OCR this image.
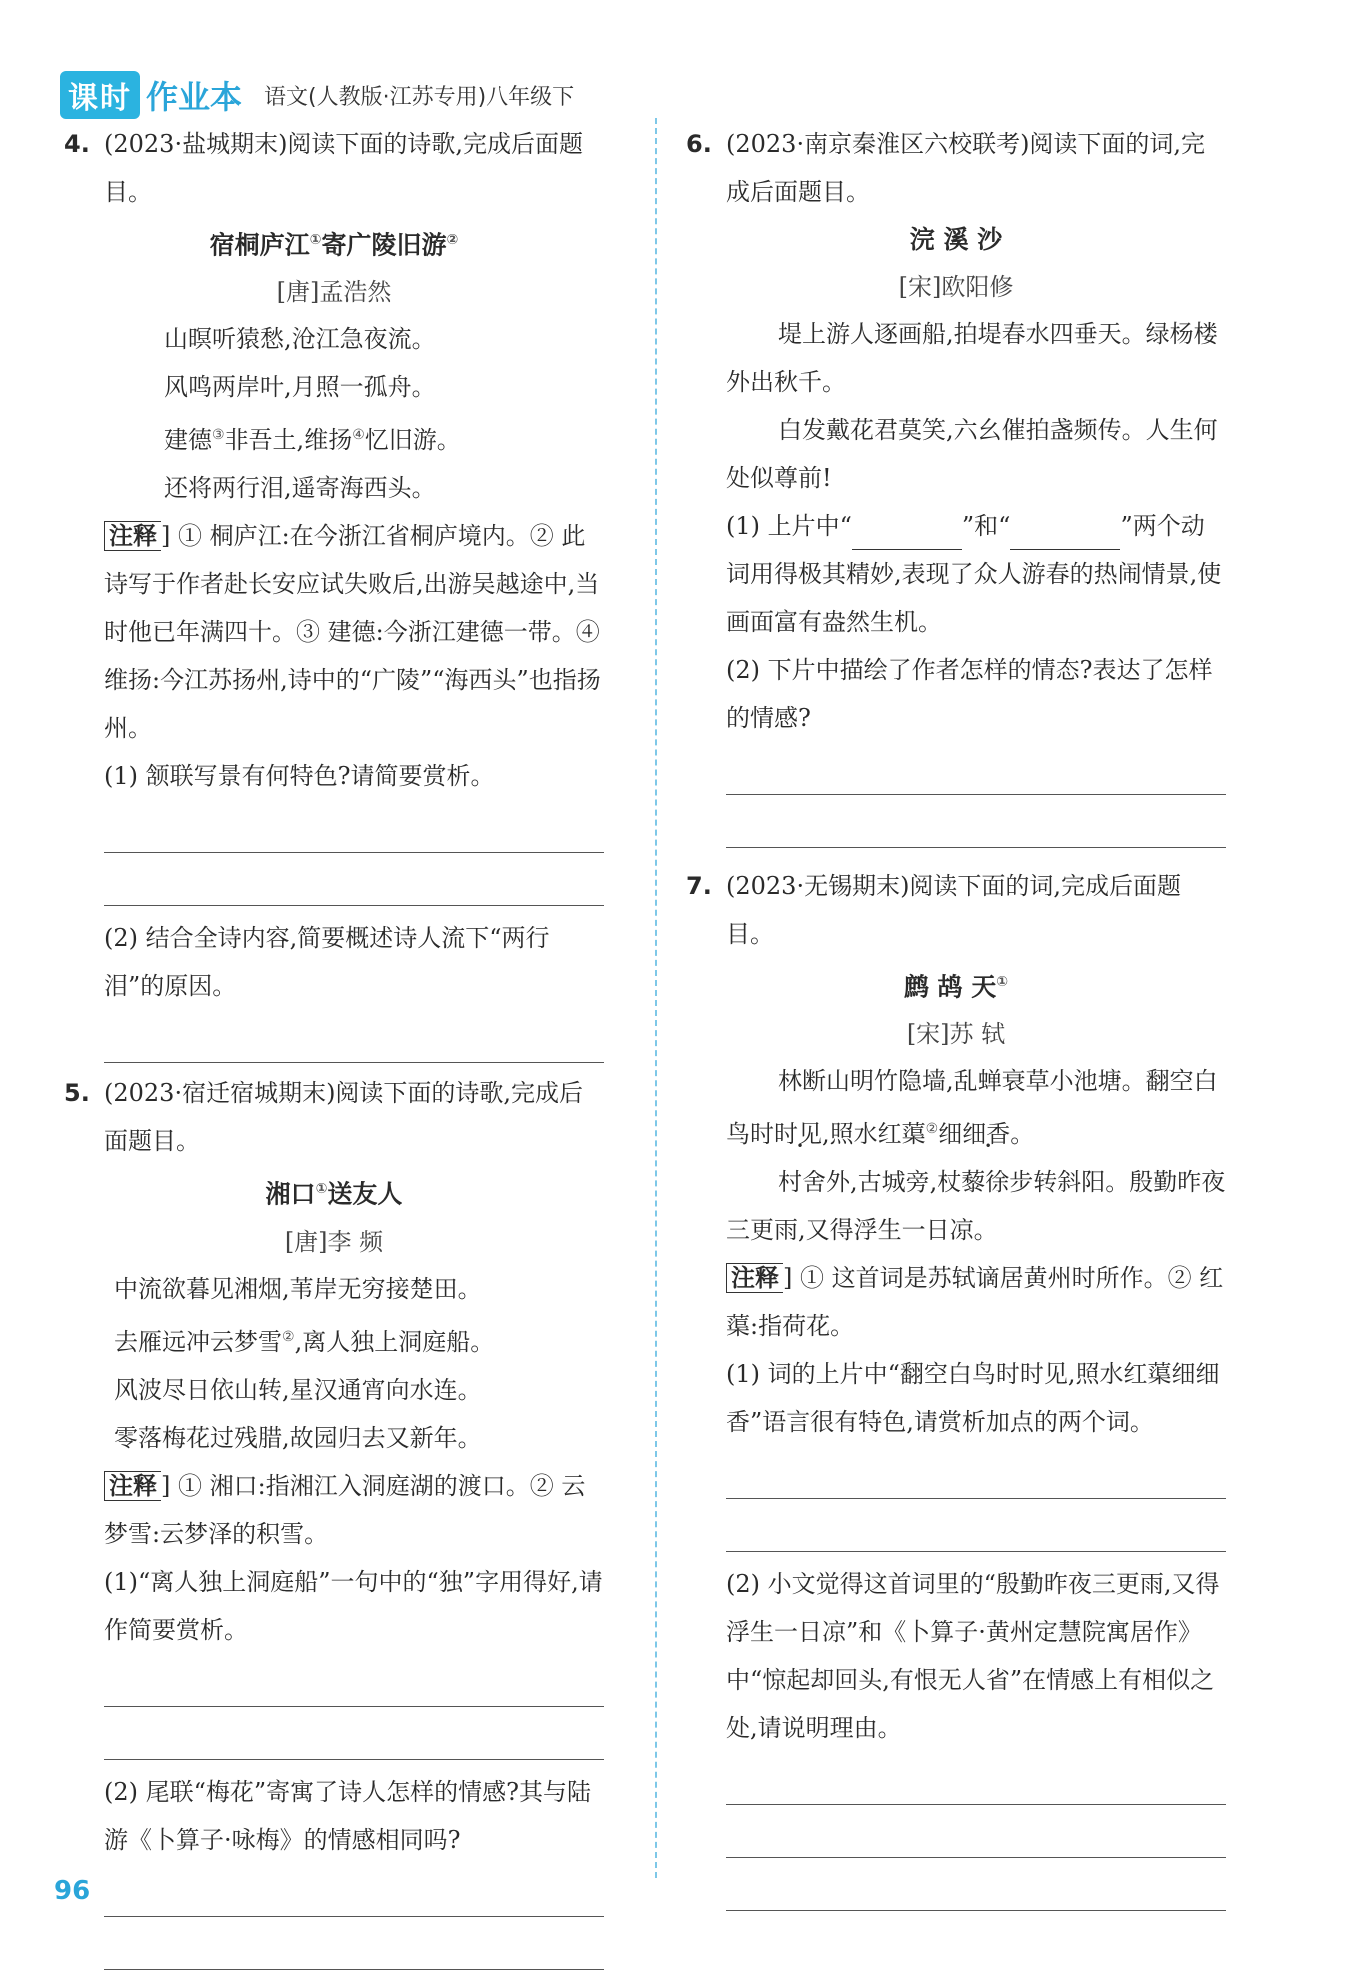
课时 作业本 语文(人教版·江苏专用)八年级下
4. (2023·盐城期末)阅读下面的诗歌,完成后面题目。
宿桐庐江①寄广陵旧游②
[唐]孟浩然
山暝听猿愁,沧江急夜流。
风鸣两岸叶,月照一孤舟。
建德③非吾土,维扬④忆旧游。
还将两行泪,遥寄海西头。
注释 ] ① 桐庐江:在今浙江省桐庐境内。② 此诗写于作者赴长安应试失败后,出游吴越途中,当时他已年满四十。③ 建德:今浙江建德一带。④ 维扬:今江苏扬州,诗中的“广陵”“海西头”也指扬州。
(1) 颔联写景有何特色?请简要赏析。
(2) 结合全诗内容,简要概述诗人流下“两行泪”的原因。
5. (2023·宿迁宿城期末)阅读下面的诗歌,完成后面题目。
湘口①送友人
[唐]李 频
中流欲暮见湘烟,苇岸无穷接楚田。
去雁远冲云梦雪②,离人独上洞庭船。
风波尽日依山转,星汉通宵向水连。
零落梅花过残腊,故园归去又新年。
注释 ] ① 湘口:指湘江入洞庭湖的渡口。② 云梦雪:云梦泽的积雪。
(1)“离人独上洞庭船”一句中的“独”字用得好,请作简要赏析。
(2) 尾联“梅花”寄寓了诗人怎样的情感?其与陆游《卜算子·咏梅》的情感相同吗?
6. (2023·南京秦淮区六校联考)阅读下面的词,完成后面题目。
浣 溪 沙
[宋]欧阳修
堤上游人逐画船,拍堤春水四垂天。绿杨楼外出秋千。
白发戴花君莫笑,六幺催拍盏频传。人生何处似尊前!
(1) 上片中“	”和“	”两个动词用得极其精妙,表现了众人游春的热闹情景,使画面富有盎然生机。
(2) 下片中描绘了作者怎样的情态?表达了怎样的情感?
7. (2023·无锡期末)阅读下面的词,完成后面题目。
鹧 鸪 天①
[宋]苏 轼
林断山明竹隐墙,乱蝉衰草小池塘。翻空白鸟时时见,照水红蕖②细细香。
村舍外,古城旁,杖藜徐步转斜阳。殷勤昨夜三更雨,又得浮生一日凉。
注释 ] ① 这首词是苏轼谪居黄州时所作。② 红蕖:指荷花。
(1) 词的上片中“翻空白鸟时时见,照水红蕖细细香”语言很有特色,请赏析加点的两个词。
(2) 小文觉得这首词里的“殷勤昨夜三更雨,又得浮生一日凉”和《卜算子·黄州定慧院寓居作》中“惊起却回头,有恨无人省”在情感上有相似之处,请说明理由。
96
